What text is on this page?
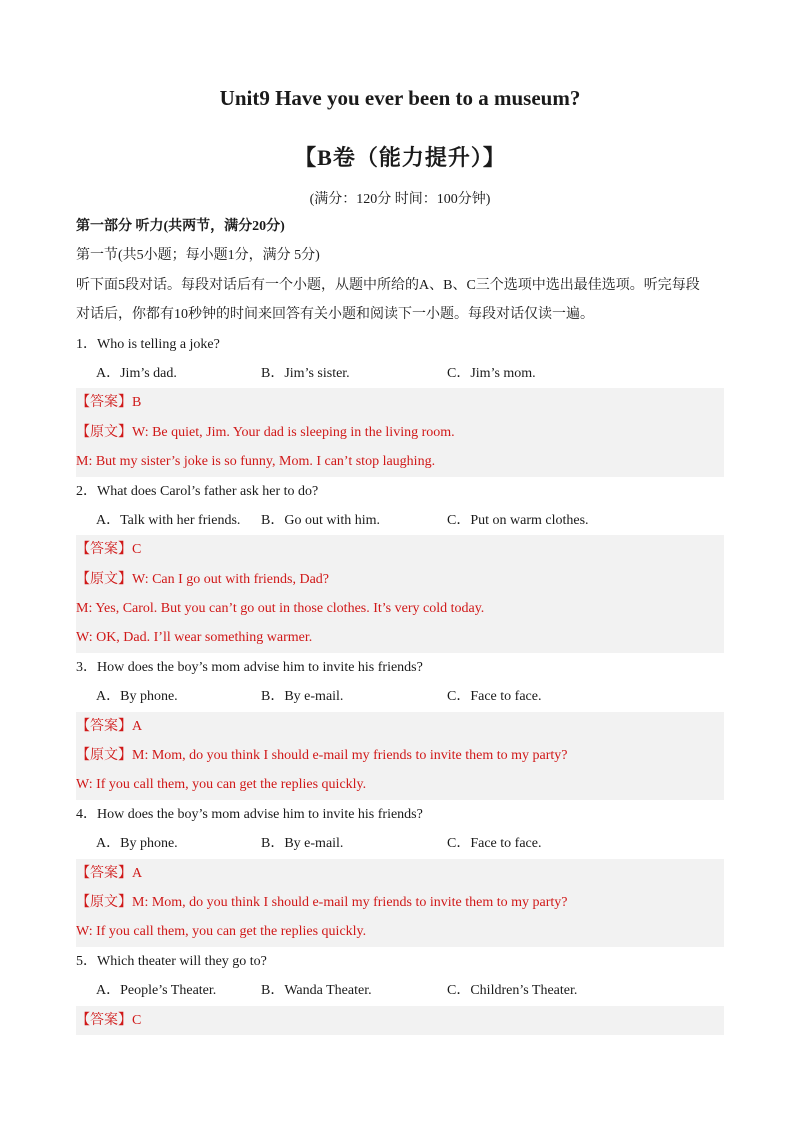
Unit9 Have you ever been to a museum?
【B卷（能力提升）】
(满分：120分 时间：100分钟)
第一部分 听力(共两节，满分20分)
第一节(共5小题；每小题1分，满分 5分)
听下面5段对话。每段对话后有一个小题，从题中所给的A、B、C三个选项中选出最佳选项。听完每段
对话后，你都有10秒钟的时间来回答有关小题和阅读下一小题。每段对话仅读一遍。
1．Who is telling a joke?
A．Jim’s dad.	B．Jim’s sister.	C．Jim’s mom.
【答案】B
【原文】W: Be quiet, Jim. Your dad is sleeping in the living room.
M: But my sister’s joke is so funny, Mom. I can’t stop laughing.
2．What does Carol’s father ask her to do?
A．Talk with her friends.	B．Go out with him.	C．Put on warm clothes.
【答案】C
【原文】W: Can I go out with friends, Dad?
M: Yes, Carol. But you can’t go out in those clothes. It’s very cold today.
W: OK, Dad. I’ll wear something warmer.
3．How does the boy’s mom advise him to invite his friends?
A．By phone.	B．By e-mail.	C．Face to face.
【答案】A
【原文】M: Mom, do you think I should e-mail my friends to invite them to my party?
W: If you call them, you can get the replies quickly.
4．How does the boy’s mom advise him to invite his friends?
A．By phone.	B．By e-mail.	C．Face to face.
【答案】A
【原文】M: Mom, do you think I should e-mail my friends to invite them to my party?
W: If you call them, you can get the replies quickly.
5．Which theater will they go to?
A．People’s Theater.	B．Wanda Theater.	C．Children’s Theater.
【答案】C
